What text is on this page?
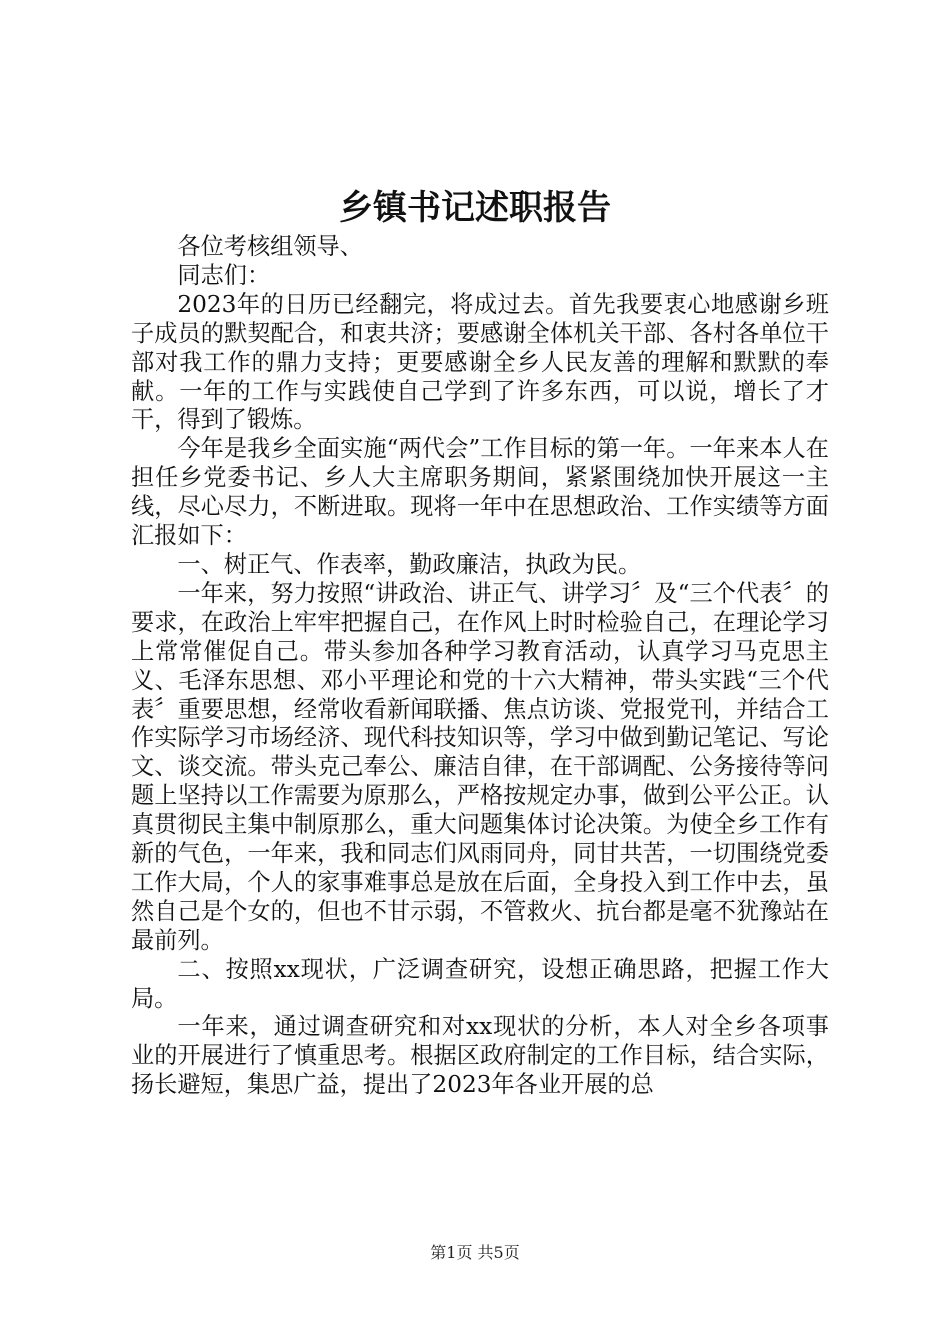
乡镇书记述职报告

各位考核组领导、

同志们：

2023年的日历已经翻完，将成过去。首先我要衷心地感谢乡班子成员的默契配合，和衷共济；要感谢全体机关干部、各村各单位干部对我工作的鼎力支持；更要感谢全乡人民友善的理解和默默的奉献。一年的工作与实践使自己学到了许多东西，可以说，增长了才干，得到了锻炼。

今年是我乡全面实施“两代会”工作目标的第一年。一年来本人在担任乡党委书记、乡人大主席职务期间，紧紧围绕加快开展这一主线，尽心尽力，不断进取。现将一年中在思想政治、工作实绩等方面汇报如下：

一、树正气、作表率，勤政廉洁，执政为民。

一年来，努力按照“讲政治、讲正气、讲学习〞及“三个代表〞的要求，在政治上牢牢把握自己，在作风上时时检验自己，在理论学习上常常催促自己。带头参加各种学习教育活动，认真学习马克思主义、毛泽东思想、邓小平理论和党的十六大精神，带头实践“三个代表〞重要思想，经常收看新闻联播、焦点访谈、党报党刊，并结合工作实际学习市场经济、现代科技知识等，学习中做到勤记笔记、写论文、谈交流。带头克己奉公、廉洁自律，在干部调配、公务接待等问题上坚持以工作需要为原那么，严格按规定办事，做到公平公正。认真贯彻民主集中制原那么，重大问题集体讨论决策。为使全乡工作有新的气色，一年来，我和同志们风雨同舟，同甘共苦，一切围绕党委工作大局，个人的家事难事总是放在后面，全身投入到工作中去，虽然自己是个女的，但也不甘示弱，不管救火、抗台都是毫不犹豫站在最前列。

二、按照xx现状，广泛调查研究，设想正确思路，把握工作大局。

一年来，通过调查研究和对xx现状的分析，本人对全乡各项事业的开展进行了慎重思考。根据区政府制定的工作目标，结合实际，扬长避短，集思广益，提出了2023年各业开展的总

第1页 共5页
